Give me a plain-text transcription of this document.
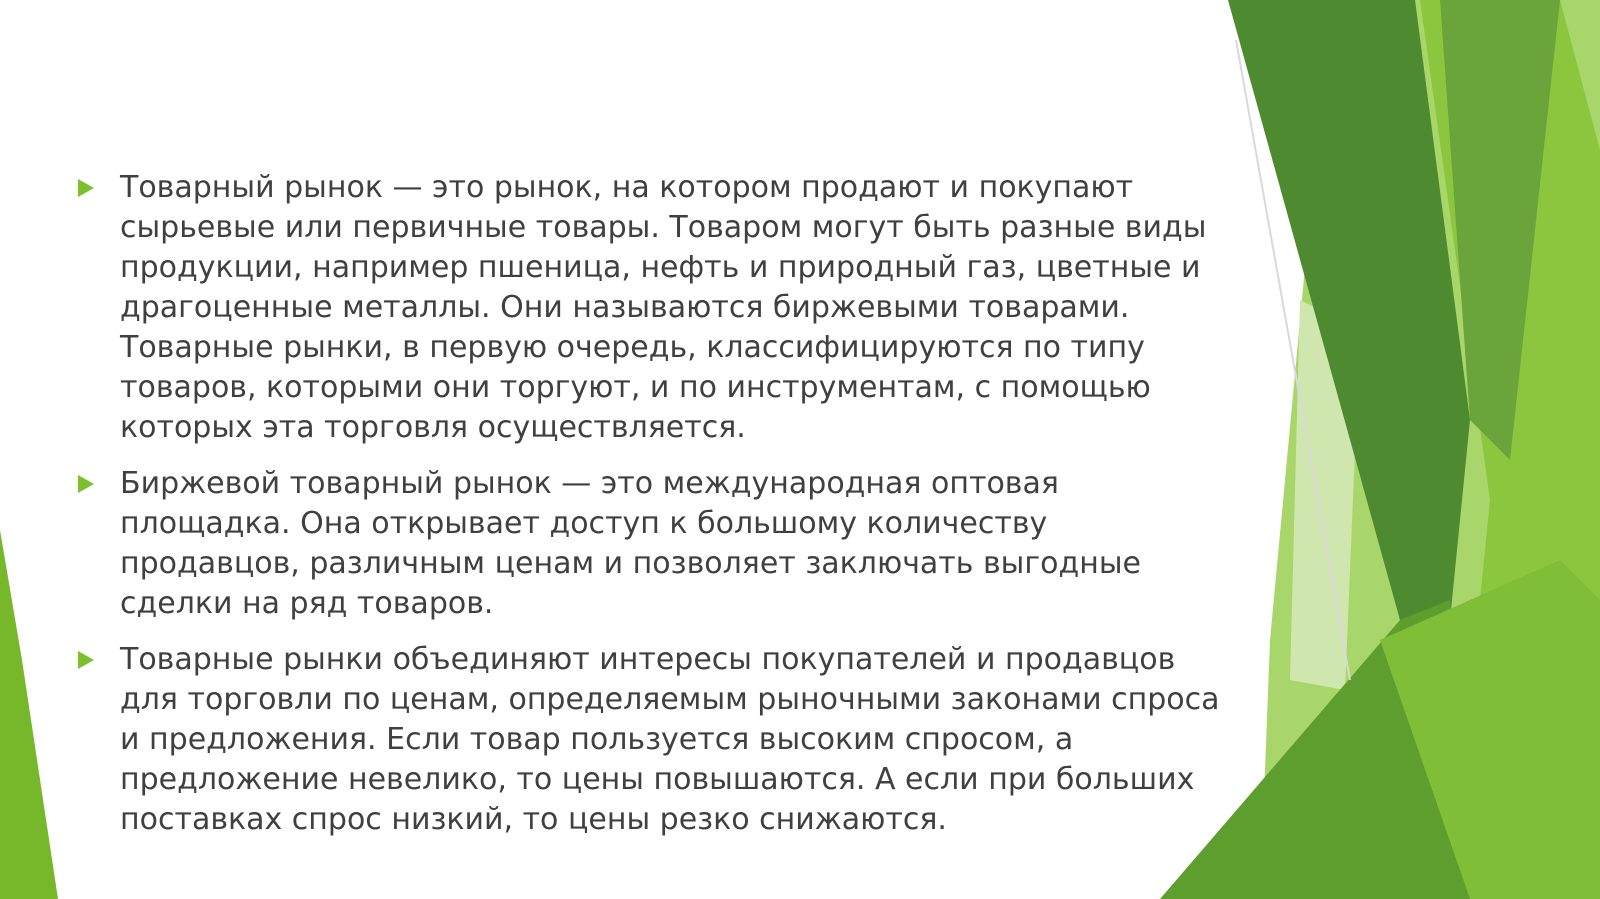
Товарный рынок — это рынок, на котором продают и покупают сырьевые или первичные товары. Товаром могут быть разные виды продукции, например пшеница, нефть и природный газ, цветные и драгоценные металлы. Они называются биржевыми товарами. Товарные рынки, в первую очередь, классифицируются по типу товаров, которыми они торгуют, и по инструментам, с помощью которых эта торговля осуществляется.
Биржевой товарный рынок — это международная оптовая площадка. Она открывает доступ к большому количеству продавцов, различным ценам и позволяет заключать выгодные сделки на ряд товаров.
Товарные рынки объединяют интересы покупателей и продавцов для торговли по ценам, определяемым рыночными законами спроса и предложения. Если товар пользуется высоким спросом, а предложение невелико, то цены повышаются. А если при больших поставках спрос низкий, то цены резко снижаются.
